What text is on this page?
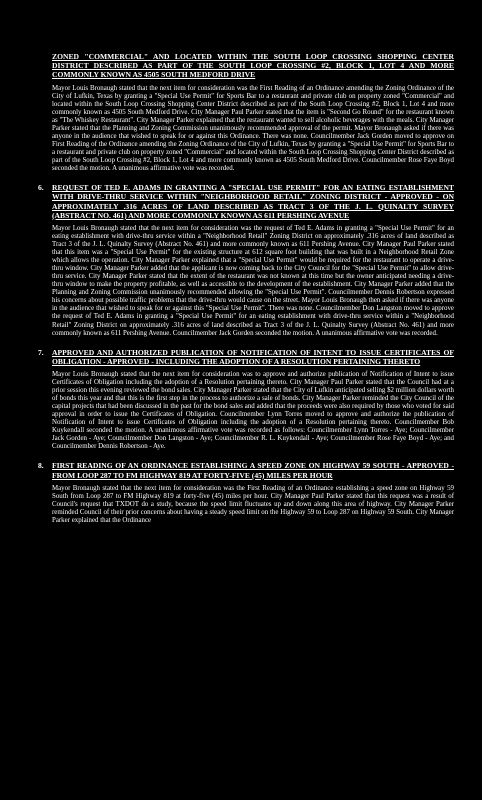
ZONED "COMMERCIAL" AND LOCATED WITHIN THE SOUTH LOOP CROSSING SHOPPING CENTER DISTRICT DESCRIBED AS PART OF THE SOUTH LOOP CROSSING #2, BLOCK 1, LOT 4 AND MORE COMMONLY KNOWN AS 4505 SOUTH MEDFORD DRIVE

Mayor Louis Bronaugh stated that the next item for consideration was the First Reading of an Ordinance amending the Zoning Ordinance of the City of Lufkin, Texas by granting a "Special Use Permit" for Sports Bar to a restaurant and private club on property zoned "Commercial" and located within the South Loop Crossing Shopping Center District described as part of the South Loop Crossing #2, Block 1, Lot 4 and more commonly known as 4505 South Medford Drive. City Manager Paul Parker stated that the item is "Second Go Round" for the restaurant known as "The Whiskey Restaurant". City Manager Parker explained that the restaurant wanted to sell alcoholic beverages with the meals. City Manager Parker stated that the Planning and Zoning Commission unanimously recommended approval of the permit. Mayor Bronaugh asked if there was anyone in the audience that wished to speak for or against this Ordinance. There was none. Councilmember Jack Gorden moved to approve on First Reading of the Ordinance amending the Zoning Ordinance of the City of Lufkin, Texas by granting a "Special Use Permit" for Sports Bar to a restaurant and private club on property zoned "Commercial" and located within the South Loop Crossing Shopping Center District described as part of the South Loop Crossing #2, Block 1, Lot 4 and more commonly known as 4505 South Medford Drive. Councilmember Rose Faye Boyd seconded the motion. A unanimous affirmative vote was recorded.

6. REQUEST OF TED E. ADAMS IN GRANTING A "SPECIAL USE PERMIT" FOR AN EATING ESTABLISHMENT WITH DRIVE-THRU SERVICE WITHIN "NEIGHBORHOOD RETAIL" ZONING DISTRICT - APPROVED - ON APPROXIMATELY .316 ACRES OF LAND DESCRIBED AS TRACT 3 OF THE J. L. QUINALTY SURVEY (ABSTRACT NO. 461) AND MORE COMMONLY KNOWN AS 611 PERSHING AVENUE

Mayor Louis Bronaugh stated that the next item for consideration was the request of Ted E. Adams in granting a "Special Use Permit" for an eating establishment with drive-thru service within a "Neighborhood Retail" Zoning District on approximately .316 acres of land described as Tract 3 of the J. L. Quinalty Survey (Abstract No. 461) and more commonly known as 611 Pershing Avenue. City Manager Paul Parker stated that this item was a "Special Use Permit" for the existing structure at 612 square foot building that was built in a Neighborhood Retail Zone which allows the operation. City Manager Parker explained that a "Special Use Permit" would be required for the restaurant to operate a drive-thru window. City Manager Parker added that the applicant is now coming back to the City Council for the "Special Use Permit" to allow drive-thru service. City Manager Parker stated that the extent of the restaurant was not known at this time but the owner anticipated needing a drive-thru window to make the property profitable, as well as accessible to the development of the establishment. City Manager Parker added that the Planning and Zoning Commission unanimously recommended allowing the "Special Use Permit". Councilmember Dennis Robertson expressed his concerns about possible traffic problems that the drive-thru would cause on the street. Mayor Louis Bronaugh then asked if there was anyone in the audience that wished to speak for or against this "Special Use Permit". There was none. Councilmember Don Langston moved to approve the request of Ted E. Adams in granting a "Special Use Permit" for an eating establishment with drive-thru service within a "Neighborhood Retail" Zoning District on approximately .316 acres of land described as Tract 3 of the J. L. Quinalty Survey (Abstract No. 461) and more commonly known as 611 Pershing Avenue. Councilmember Jack Gorden seconded the motion. A unanimous affirmative vote was recorded.

7. APPROVED AND AUTHORIZED PUBLICATION OF NOTIFICATION OF INTENT TO ISSUE CERTIFICATES OF OBLIGATION - APPROVED - INCLUDING THE ADOPTION OF A RESOLUTION PERTAINING THERETO

Mayor Louis Bronaugh stated that the next item for consideration was to approve and authorize publication of Notification of Intent to issue Certificates of Obligation including the adoption of a Resolution pertaining thereto. City Manager Paul Parker stated that the Council had at a prior session this evening reviewed the bond sales. City Manager Parker stated that the City of Lufkin anticipated selling $2 million dollars worth of bonds this year and that this is the first step in the process to authorize a sale of bonds. City Manager Parker reminded the City Council of the capital projects that had been discussed in the past for the bond sales and added that the proceeds were also required by those who voted for said approval in order to issue the Certificates of Obligation. Councilmember Lynn Torres moved to approve and authorize the publication of Notification of Intent to issue Certificates of Obligation including the adoption of a Resolution pertaining thereto. Councilmember Bob Kuykendall seconded the motion. A unanimous affirmative vote was recorded as follows: Councilmember Lynn Torres - Aye; Councilmember Jack Gorden - Aye; Councilmember Don Langston - Aye; Councilmember R. L. Kuykendall - Aye; Councilmember Rose Faye Boyd - Aye; and Councilmember Dennis Robertson - Aye.

8. FIRST READING OF AN ORDINANCE ESTABLISHING A SPEED ZONE ON HIGHWAY 59 SOUTH - APPROVED - FROM LOOP 287 TO FM HIGHWAY 819 AT FORTY-FIVE (45) MILES PER HOUR

Mayor Bronaugh stated that the next item for consideration was the First Reading of an Ordinance establishing a speed zone on Highway 59 South from Loop 287 to FM Highway 819 at forty-five (45) miles per hour. City Manager Paul Parker stated that this request was a result of Council's request that TXDOT do a study, because the speed limit fluctuates up and down along this area of highway. City Manager Parker reminded Council of their prior concerns about having a steady speed limit on the Highway 59 to Loop 287 on Highway 59 South. City Manager Parker explained that the Ordinance
